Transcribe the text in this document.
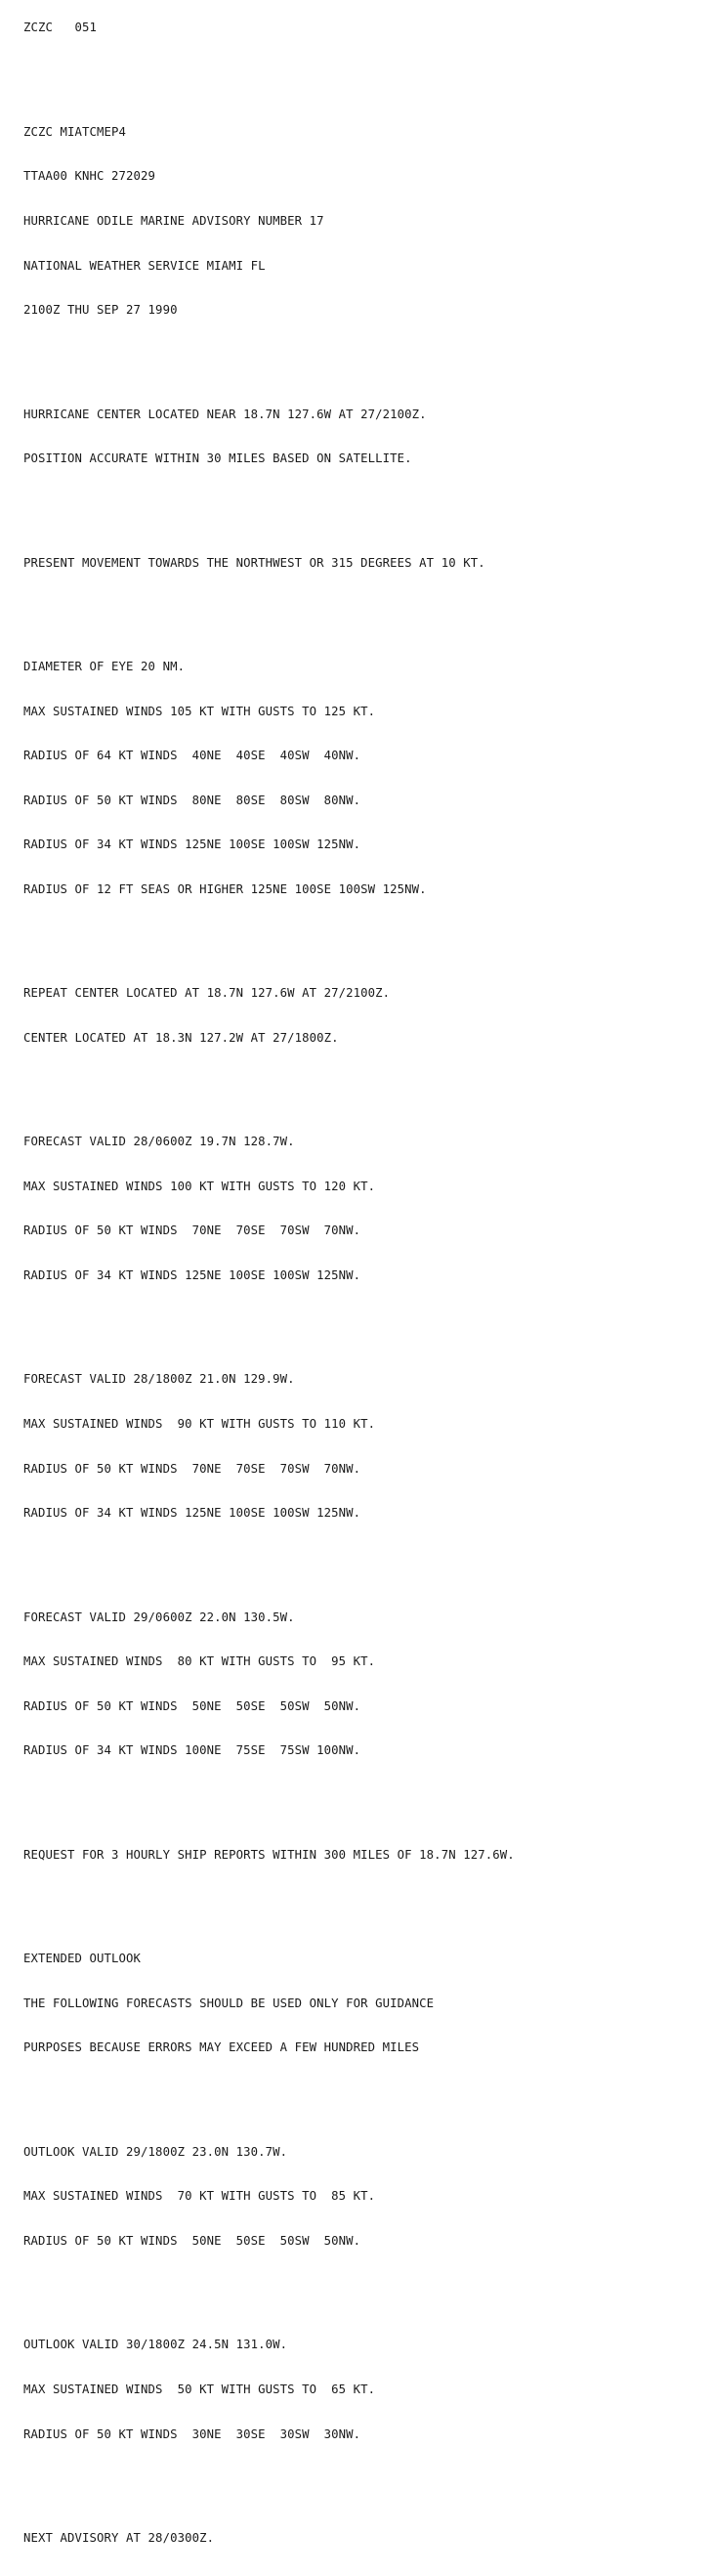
ZCZC   051

ZCZC MIATCMEP4

TTAA00 KNHC 272029

HURRICANE ODILE MARINE ADVISORY NUMBER 17

NATIONAL WEATHER SERVICE MIAMI FL

2100Z THU SEP 27 1990

HURRICANE CENTER LOCATED NEAR 18.7N 127.6W AT 27/2100Z.

POSITION ACCURATE WITHIN 30 MILES BASED ON SATELLITE.

PRESENT MOVEMENT TOWARDS THE NORTHWEST OR 315 DEGREES AT 10 KT.

DIAMETER OF EYE 20 NM.

MAX SUSTAINED WINDS 105 KT WITH GUSTS TO 125 KT.

RADIUS OF 64 KT WINDS  40NE  40SE  40SW  40NW.

RADIUS OF 50 KT WINDS  80NE  80SE  80SW  80NW.

RADIUS OF 34 KT WINDS 125NE 100SE 100SW 125NW.

RADIUS OF 12 FT SEAS OR HIGHER 125NE 100SE 100SW 125NW.

REPEAT CENTER LOCATED AT 18.7N 127.6W AT 27/2100Z.

CENTER LOCATED AT 18.3N 127.2W AT 27/1800Z.

FORECAST VALID 28/0600Z 19.7N 128.7W.

MAX SUSTAINED WINDS 100 KT WITH GUSTS TO 120 KT.

RADIUS OF 50 KT WINDS  70NE  70SE  70SW  70NW.

RADIUS OF 34 KT WINDS 125NE 100SE 100SW 125NW.

FORECAST VALID 28/1800Z 21.0N 129.9W.

MAX SUSTAINED WINDS  90 KT WITH GUSTS TO 110 KT.

RADIUS OF 50 KT WINDS  70NE  70SE  70SW  70NW.

RADIUS OF 34 KT WINDS 125NE 100SE 100SW 125NW.

FORECAST VALID 29/0600Z 22.0N 130.5W.

MAX SUSTAINED WINDS  80 KT WITH GUSTS TO  95 KT.

RADIUS OF 50 KT WINDS  50NE  50SE  50SW  50NW.

RADIUS OF 34 KT WINDS 100NE  75SE  75SW 100NW.

REQUEST FOR 3 HOURLY SHIP REPORTS WITHIN 300 MILES OF 18.7N 127.6W.

EXTENDED OUTLOOK

THE FOLLOWING FORECASTS SHOULD BE USED ONLY FOR GUIDANCE

PURPOSES BECAUSE ERRORS MAY EXCEED A FEW HUNDRED MILES

OUTLOOK VALID 29/1800Z 23.0N 130.7W.

MAX SUSTAINED WINDS  70 KT WITH GUSTS TO  85 KT.

RADIUS OF 50 KT WINDS  50NE  50SE  50SW  50NW.

OUTLOOK VALID 30/1800Z 24.5N 131.0W.

MAX SUSTAINED WINDS  50 KT WITH GUSTS TO  65 KT.

RADIUS OF 50 KT WINDS  30NE  30SE  30SW  30NW.

NEXT ADVISORY AT 28/0300Z.
